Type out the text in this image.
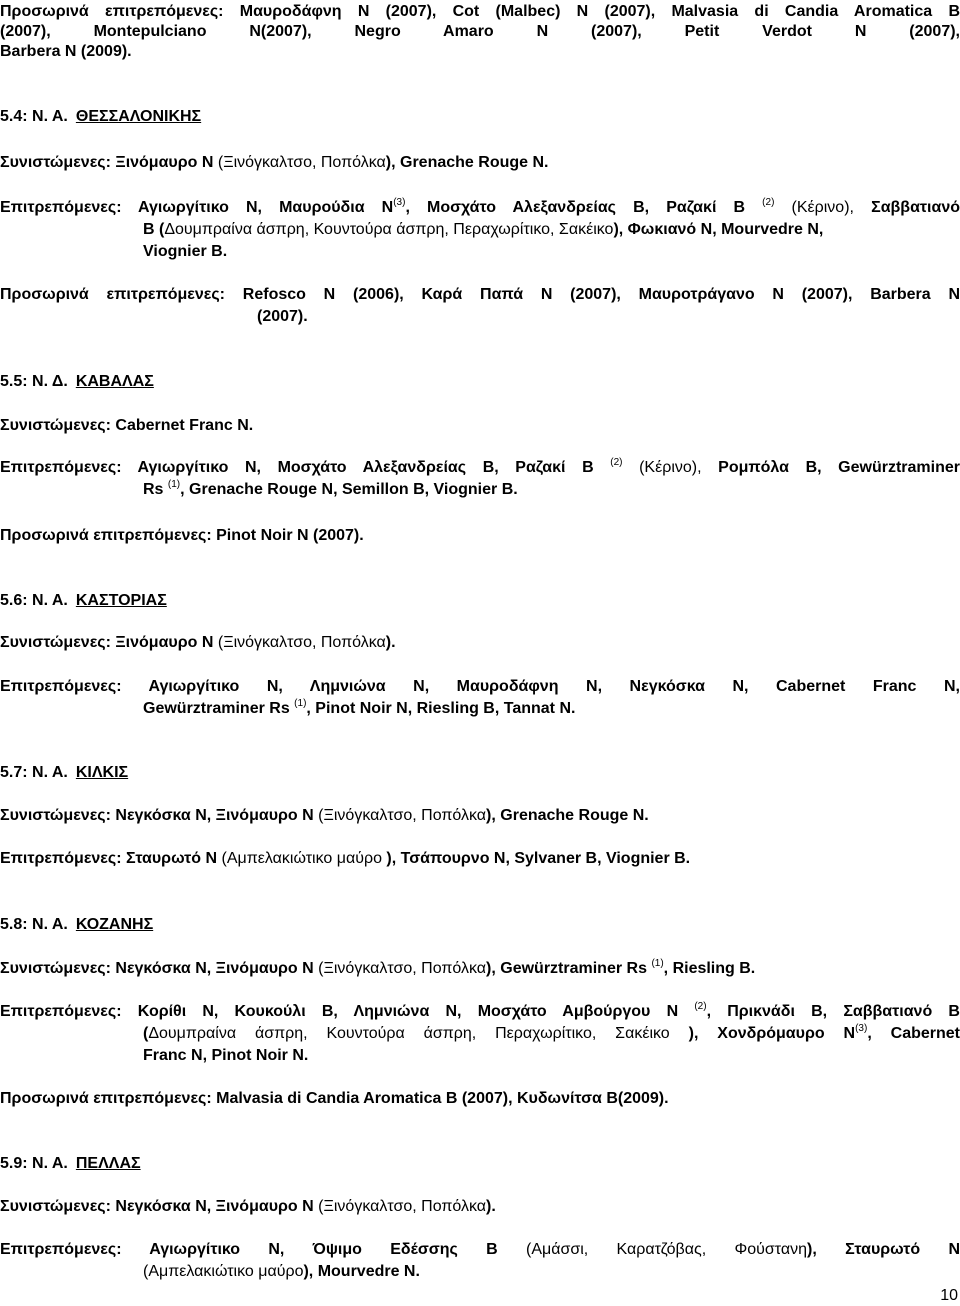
Προσωρινά επιτρεπόμενες: Μαυροδάφνη Ν (2007), Cot (Malbec) Ν (2007), Malvasia di Candia Aromatica Β
(2007), Montepulciano Ν(2007), Negro Amaro Ν (2007), Petit Verdot Ν (2007),
Barbera Ν (2009).
5.4: Ν. Α. ΘΕΣΣΑΛΟΝΙΚΗΣ
Συνιστώμενες: Ξινόμαυρο Ν (Ξινόγκαλτσο, Ποπόλκα), Grenache Rouge Ν.
Επιτρεπόμενες: Αγιωργίτικο Ν, Μαυρούδια $N^{(3)}$, Μοσχάτο Αλεξανδρείας Β, Ραζακί Β $^{(2)}$ (Κέρινο), Σαββατιανό
Β (Δουμπραίνα άσπρη, Κουντούρα άσπρη, Περαχωρίτικο, Σακέικο), Φωκιανό Ν, Mourvedre Ν,
Viognier Β.
Προσωρινά επιτρεπόμενες: Refosco Ν (2006), Καρά Παπά Ν (2007), Μαυροτράγανο Ν (2007), Barbera Ν
(2007).
5.5: Ν. Δ. ΚΑΒΑΛΑΣ
Συνιστώμενες: Cabernet Franc Ν.
Επιτρεπόμενες: Αγιωργίτικο Ν, Μοσχάτο Αλεξανδρείας Β, Ραζακί Β $^{(2)}$ (Κέρινο), Ρομπόλα Β, Gewürztraminer
Rs $^{(1)}$, Grenache Rouge Ν, Semillon Β, Viognier Β.
Προσωρινά επιτρεπόμενες: Pinot Noir Ν (2007).
5.6: Ν. Α. ΚΑΣΤΟΡΙΑΣ
Συνιστώμενες: Ξινόμαυρο Ν (Ξινόγκαλτσο, Ποπόλκα).
Επιτρεπόμενες: Αγιωργίτικο Ν, Λημνιώνα Ν, Μαυροδάφνη Ν, Νεγκόσκα Ν, Cabernet Franc Ν,
Gewürztraminer Rs $^{(1)}$, Pinot Noir Ν, Riesling Β, Tannat Ν.
5.7: Ν. Α. ΚΙΛΚΙΣ
Συνιστώμενες: Νεγκόσκα Ν, Ξινόμαυρο Ν (Ξινόγκαλτσο, Ποπόλκα), Grenache Rouge Ν.
Επιτρεπόμενες: Σταυρωτό Ν (Αμπελακιώτικο μαύρο ), Τσάπουρνο Ν, Sylvaner Β, Viognier Β.
5.8: Ν. Α. ΚΟΖΑΝΗΣ
Συνιστώμενες: Νεγκόσκα Ν, Ξινόμαυρο Ν (Ξινόγκαλτσο, Ποπόλκα), Gewürztraminer Rs $^{(1)}$, Riesling Β.
Επιτρεπόμενες: Κορίθι Ν, Κουκούλι Β, Λημνιώνα Ν, Μοσχάτο Αμβούργου Ν $^{(2)}$, Πρικνάδι Β, Σαββατιανό Β
(Δουμπραίνα άσπρη, Κουντούρα άσπρη, Περαχωρίτικο, Σακέικο ), Χονδρόμαυρο $N^{(3)}$, Cabernet
Franc Ν, Pinot Noir Ν.
Προσωρινά επιτρεπόμενες: Malvasia di Candia Aromatica Β (2007), Κυδωνίτσα Β(2009).
5.9: Ν. Α. ΠΕΛΛΑΣ
Συνιστώμενες: Νεγκόσκα Ν, Ξινόμαυρο Ν (Ξινόγκαλτσο, Ποπόλκα).
Επιτρεπόμενες: Αγιωργίτικο Ν, Όψιμο Εδέσσης Β (Αμάσσι, Καρατζόβας, Φούστανη), Σταυρωτό Ν
(Αμπελακιώτικο μαύρο), Mourvedre Ν.
10
